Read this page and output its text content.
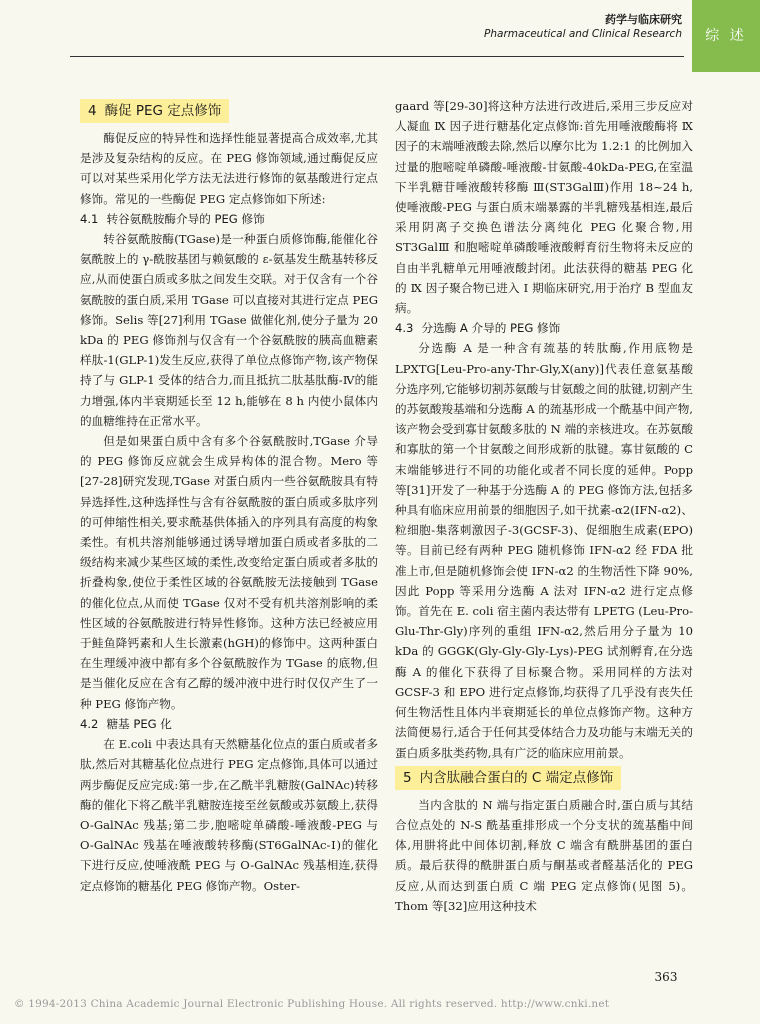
药学与临床研究
Pharmaceutical and Clinical Research	综 述
4 酶促 PEG 定点修饰

酶促反应的特异性和选择性能显著提高合成效率,尤其是涉及复杂结构的反应。在 PEG 修饰领域,通过酶促反应可以对某些采用化学方法无法进行修饰的氨基酸进行定点修饰。常见的一些酶促 PEG 定点修饰如下所述:

4.1 转谷氨酰胺酶介导的 PEG 修饰

转谷氨酰胺酶(TGase)是一种蛋白质修饰酶,能催化谷氨酰胺上的 γ-酰胺基团与赖氨酸的 ε-氨基发生酰基转移反应,从而使蛋白质或多肽之间发生交联。对于仅含有一个谷氨酰胺的蛋白质,采用 TGase 可以直接对其进行定点 PEG 修饰。Selis 等[27]利用 TGase 做催化剂,使分子量为 20 kDa 的 PEG 修饰剂与仅含有一个谷氨酰胺的胰高血糖素样肽-1(GLP-1)发生反应,获得了单位点修饰产物,该产物保持了与 GLP-1 受体的结合力,而且抵抗二肽基肽酶-Ⅳ的能力增强,体内半衰期延长至 12 h,能够在 8 h 内使小鼠体内的血糖维持在正常水平。

但是如果蛋白质中含有多个谷氨酰胺时,TGase 介导的 PEG 修饰反应就会生成异构体的混合物。Mero 等[27-28]研究发现,TGase 对蛋白质内一些谷氨酰胺具有特异选择性,这种选择性与含有谷氨酰胺的蛋白质或多肽序列的可伸缩性相关,要求酰基供体插入的序列具有高度的构象柔性。有机共溶剂能够通过诱导增加蛋白质或者多肽的二级结构来减少某些区域的柔性,改变给定蛋白质或者多肽的折叠构象,使位于柔性区域的谷氨酰胺无法接触到 TGase 的催化位点,从而使 TGase 仅对不受有机共溶剂影响的柔性区域的谷氨酰胺进行特异性修饰。这种方法已经被应用于鲑鱼降钙素和人生长激素(hGH)的修饰中。这两种蛋白在生理缓冲液中都有多个谷氨酰胺作为 TGase 的底物,但是当催化反应在含有乙醇的缓冲液中进行时仅仅产生了一种 PEG 修饰产物。

4.2 糖基 PEG 化

在 E.coli 中表达具有天然糖基化位点的蛋白质或者多肽,然后对其糖基化位点进行 PEG 定点修饰,具体可以通过两步酶促反应完成:第一步,在乙酰半乳糖胺(GalNAc)转移酶的催化下将乙酰半乳糖胺连接至丝氨酸或苏氨酸上,获得 O-GalNAc 残基;第二步,胞嘧啶单磷酸-唾液酸-PEG 与 O-GalNAc 残基在唾液酸转移酶(ST6GalNAc-Ⅰ)的催化下进行反应,使唾液酰 PEG 与 O-GalNAc 残基相连,获得定点修饰的糖基化 PEG 修饰产物。Oster-

gaard 等[29-30]将这种方法进行改进后,采用三步反应对人凝血 Ⅸ 因子进行糖基化定点修饰:首先用唾液酸酶将 Ⅸ 因子的末端唾液酸去除,然后以摩尔比为 1.2:1 的比例加入过量的胞嘧啶单磷酸-唾液酸-甘氨酸-40kDa-PEG,在室温下半乳糖苷唾液酸转移酶 Ⅲ(ST3GalⅢ)作用 18~24 h,使唾液酸-PEG 与蛋白质末端暴露的半乳糖残基相连,最后采用阴离子交换色谱法分离纯化 PEG 化聚合物,用 ST3GalⅢ 和胞嘧啶单磷酸唾液酸孵育衍生物将未反应的自由半乳糖单元用唾液酸封闭。此法获得的糖基 PEG 化的 Ⅸ 因子聚合物已进入 Ⅰ 期临床研究,用于治疗 B 型血友病。

4.3 分选酶 A 介导的 PEG 修饰

分选酶 A 是一种含有巯基的转肽酶,作用底物是 LPXTG[Leu-Pro-any-Thr-Gly,X(any)]代表任意氨基酸分选序列,它能够切割苏氨酸与甘氨酸之间的肽键,切割产生的苏氨酸羧基端和分选酶 A 的巯基形成一个酰基中间产物,该产物会受到寡甘氨酸多肽的 N 端的亲核进攻。在苏氨酸和寡肽的第一个甘氨酸之间形成新的肽键。寡甘氨酸的 C 末端能够进行不同的功能化或者不同长度的延伸。Popp 等[31]开发了一种基于分选酶 A 的 PEG 修饰方法,包括多种具有临床应用前景的细胞因子,如干扰素-α2(IFN-α2)、粒细胞-集落刺激因子-3(GCSF-3)、促细胞生成素(EPO)等。目前已经有两种 PEG 随机修饰 IFN-α2 经 FDA 批准上市,但是随机修饰会使 IFN-α2 的生物活性下降 90%,因此 Popp 等采用分选酶 A 法对 IFN-α2 进行定点修饰。首先在 E. coli 宿主菌内表达带有 LPETG (Leu-Pro-Glu-Thr-Gly)序列的重组 IFN-α2,然后用分子量为 10 kDa 的 GGGK(Gly-Gly-Gly-Lys)-PEG 试剂孵育,在分选酶 A 的催化下获得了目标聚合物。采用同样的方法对 GCSF-3 和 EPO 进行定点修饰,均获得了几乎没有丧失任何生物活性且体内半衰期延长的单位点修饰产物。这种方法简便易行,适合于任何其受体结合力及功能与末端无关的蛋白质多肽类药物,具有广泛的临床应用前景。

5 内含肽融合蛋白的 C 端定点修饰

当内含肽的 N 端与指定蛋白质融合时,蛋白质与其结合位点处的 N-S 酰基重排形成一个分支状的巯基酯中间体,用肼将此中间体切割,释放 C 端含有酰肼基团的蛋白质。最后获得的酰肼蛋白质与酮基或者醛基活化的 PEG 反应,从而达到蛋白质 C 端 PEG 定点修饰(见图 5)。Thom 等[32]应用这种技术

363
© 1994-2013 China Academic Journal Electronic Publishing House. All rights reserved. http://www.cnki.net
